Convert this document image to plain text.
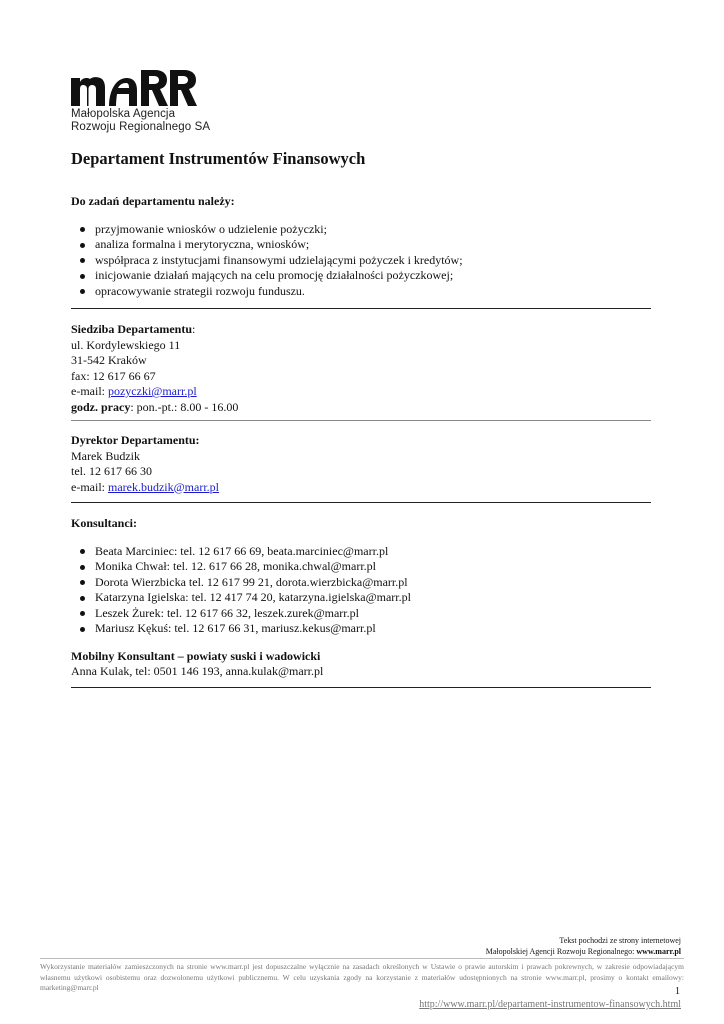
Małopolska Agencja
Rozwoju Regionalnego SA
Departament Instrumentów Finansowych
Do zadań departamentu należy:
przyjmowanie wniosków o udzielenie pożyczki;
analiza formalna i merytoryczna, wniosków;
współpraca z instytucjami finansowymi udzielającymi pożyczek i kredytów;
inicjowanie działań mających na celu promocję działalności pożyczkowej;
opracowywanie strategii rozwoju funduszu.
Siedziba Departamentu:
ul. Kordylewskiego 11
31-542 Kraków
fax: 12 617 66 67
e-mail: pozyczki@marr.pl
godz. pracy: pon.-pt.: 8.00 - 16.00
Dyrektor Departamentu:
Marek Budzik
tel. 12 617 66 30
e-mail: marek.budzik@marr.pl
Konsultanci:
Beata Marciniec: tel. 12 617 66 69, beata.marciniec@marr.pl
Monika Chwał: tel. 12. 617 66 28, monika.chwal@marr.pl
Dorota Wierzbicka tel. 12 617 99 21, dorota.wierzbicka@marr.pl
Katarzyna Igielska: tel. 12 417 74 20, katarzyna.igielska@marr.pl
Leszek Żurek: tel. 12 617 66 32, leszek.zurek@marr.pl
Mariusz Kękuś: tel. 12 617 66 31, mariusz.kekus@marr.pl
Mobilny Konsultant – powiaty suski i wadowicki
Anna Kulak, tel: 0501 146 193, anna.kulak@marr.pl
Tekst pochodzi ze strony internetowej
Małopolskiej Agencji Rozwoju Regionalnego: www.marr.pl
Wykorzystanie materiałów zamieszczonych na stronie www.marr.pl jest dopuszczalne wyłącznie na zasadach określonych w Ustawie o prawie autorskim i prawach pokrewnych, w zakresie odpowiadającym własnemu użytkowi osobistemu oraz dozwolonemu użytkowi publicznemu. W celu uzyskania zgody na korzystanie z materiałów udostępnionych na stronie www.marr.pl, prosimy o kontakt emailowy: marketing@marr.pl	1
http://www.marr.pl/departament-instrumentow-finansowych.html
